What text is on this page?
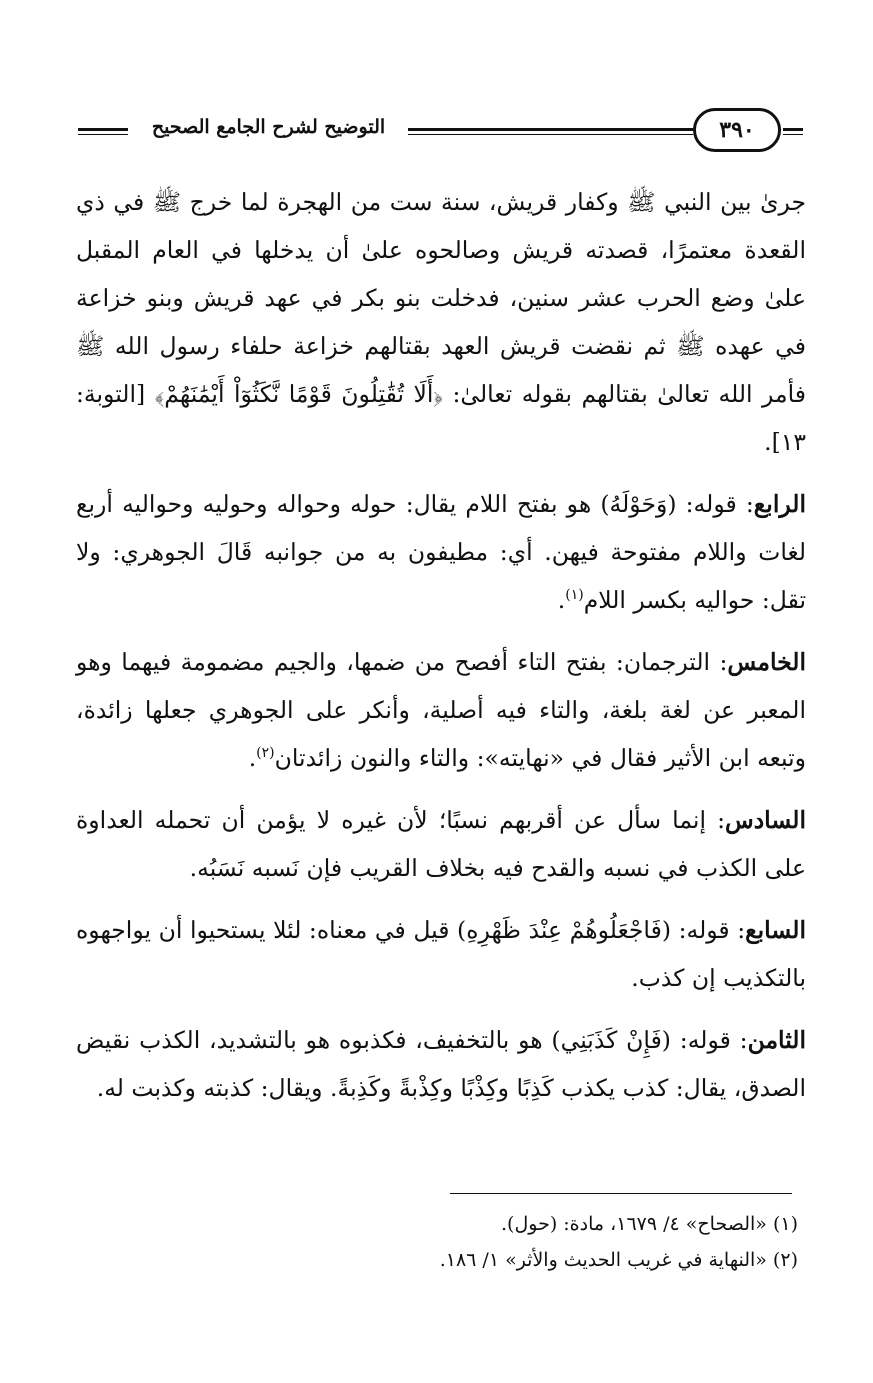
التوضيح لشرح الجامع الصحيح	٣٩٠

جرىٰ بين النبي ﷺ وكفار قريش، سنة ست من الهجرة لما خرج ﷺ في ذي القعدة معتمرًا، قصدته قريش وصالحوه علىٰ أن يدخلها في العام المقبل علىٰ وضع الحرب عشر سنين، فدخلت بنو بكر في عهد قريش وبنو خزاعة في عهده ﷺ ثم نقضت قريش العهد بقتالهم خزاعة حلفاء رسول الله ﷺ فأمر الله تعالىٰ بقتالهم بقوله تعالىٰ: ﴿أَلَا تُقَٰتِلُونَ قَوْمًا نَّكَثُوٓاْ أَيْمَٰنَهُمْ﴾ [التوبة: ١٣].

الرابع: قوله: (وَحَوْلَهُ) هو بفتح اللام يقال: حوله وحواله وحوليه وحواليه أربع لغات واللام مفتوحة فيهن. أي: مطيفون به من جوانبه قَالَ الجوهري: ولا تقل: حواليه بكسر اللام$^{(١)}$.

الخامس: الترجمان: بفتح التاء أفصح من ضمها، والجيم مضمومة فيهما وهو المعبر عن لغة بلغة، والتاء فيه أصلية، وأنكر على الجوهري جعلها زائدة، وتبعه ابن الأثير فقال في «نهايته»: والتاء والنون زائدتان$^{(٢)}$.

السادس: إنما سأل عن أقربهم نسبًا؛ لأن غيره لا يؤمن أن تحمله العداوة على الكذب في نسبه والقدح فيه بخلاف القريب فإن نَسبه نَسَبُه.

السابع: قوله: (فَاجْعَلُوهُمْ عِنْدَ ظَهْرِهِ) قيل في معناه: لئلا يستحيوا أن يواجهوه بالتكذيب إن كذب.

الثامن: قوله: (فَإِنْ كَذَبَنِي) هو بالتخفيف، فكذبوه هو بالتشديد، الكذب نقيض الصدق، يقال: كذب يكذب كَذِبًا وكِذْبًا وكِذْبةً وكَذِبةً. ويقال: كذبته وكذبت له.

(١) «الصحاح» ٤/ ١٦٧٩، مادة: (حول).

(٢) «النهاية في غريب الحديث والأثر» ١/ ١٨٦.
